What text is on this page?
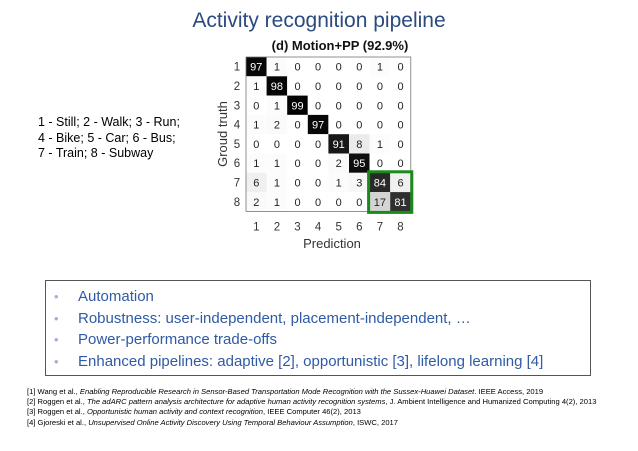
Activity recognition pipeline
(d) Motion+PP (92.9%)
1 - Still; 2 - Walk; 3 - Run;
4 - Bike; 5 - Car; 6 - Bus;
7 - Train; 8 - Subway	Groud truth
Prediction
97 1 0 0 0 0 1 0
1 98 0 0 0 0 0 0
0 1 99 0 0 0 0 0
1 2 0 97 0 0 0 0
0 0 0 0 91 8 1 0
1 1 0 0 2 95 0 0
6 1 0 0 1 3 84 6
2 1 0 0 0 0 17 81
1
2
3
4
5
6
7
8
1 2 3 4 5 6 7 8
•	Automation
•	Robustness: user-independent, placement-independent, …
•	Power-performance trade-offs
•	Enhanced pipelines: adaptive [2], opportunistic [3], lifelong learning [4]
[1] Wang et al., Enabling Reproducible Research in Sensor-Based Transportation Mode Recognition with the Sussex-Huawei Dataset. IEEE Access, 2019
[2] Roggen et al., The adARC pattern analysis architecture for adaptive human activity recognition systems, J. Ambient Intelligence and Humanized Computing 4(2), 2013
[3] Roggen et al., Opportunistic human activity and context recognition, IEEE Computer 46(2), 2013
[4] Gjoreski et al., Unsupervised Online Activity Discovery Using Temporal Behaviour Assumption, ISWC, 2017
